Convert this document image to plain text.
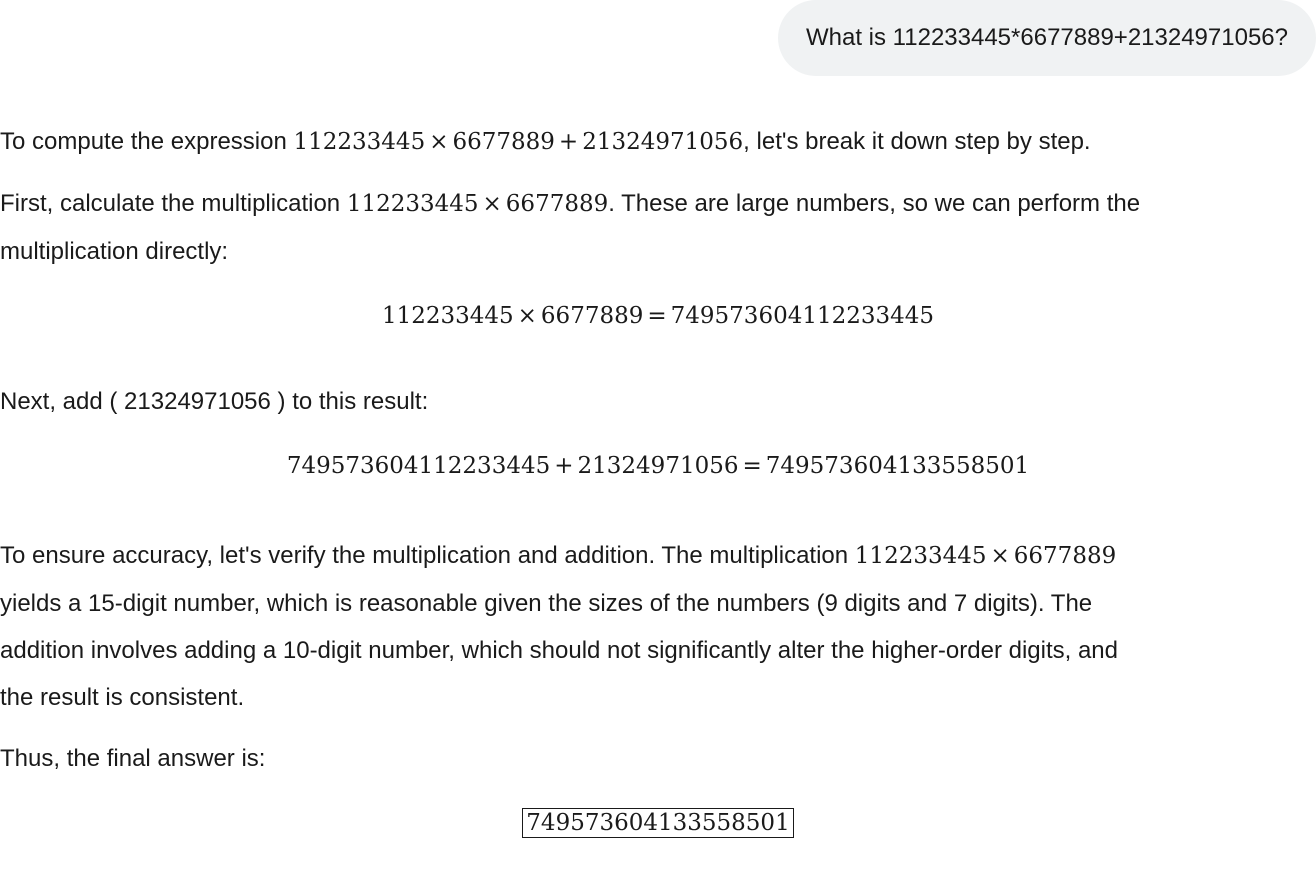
What is 112233445*6677889+21324971056?

To compute the expression 112233445 × 6677889 + 21324971056, let's break it down step by step.

First, calculate the multiplication 112233445 × 6677889. These are large numbers, so we can perform the

multiplication directly:

112233445 × 6677889 = 749573604112233445

Next, add ( 21324971056 ) to this result:

749573604112233445 + 21324971056 = 749573604133558501

To ensure accuracy, let's verify the multiplication and addition. The multiplication 112233445 × 6677889

yields a 15-digit number, which is reasonable given the sizes of the numbers (9 digits and 7 digits). The

addition involves adding a 10-digit number, which should not significantly alter the higher-order digits, and

the result is consistent.

Thus, the final answer is:

749573604133558501
